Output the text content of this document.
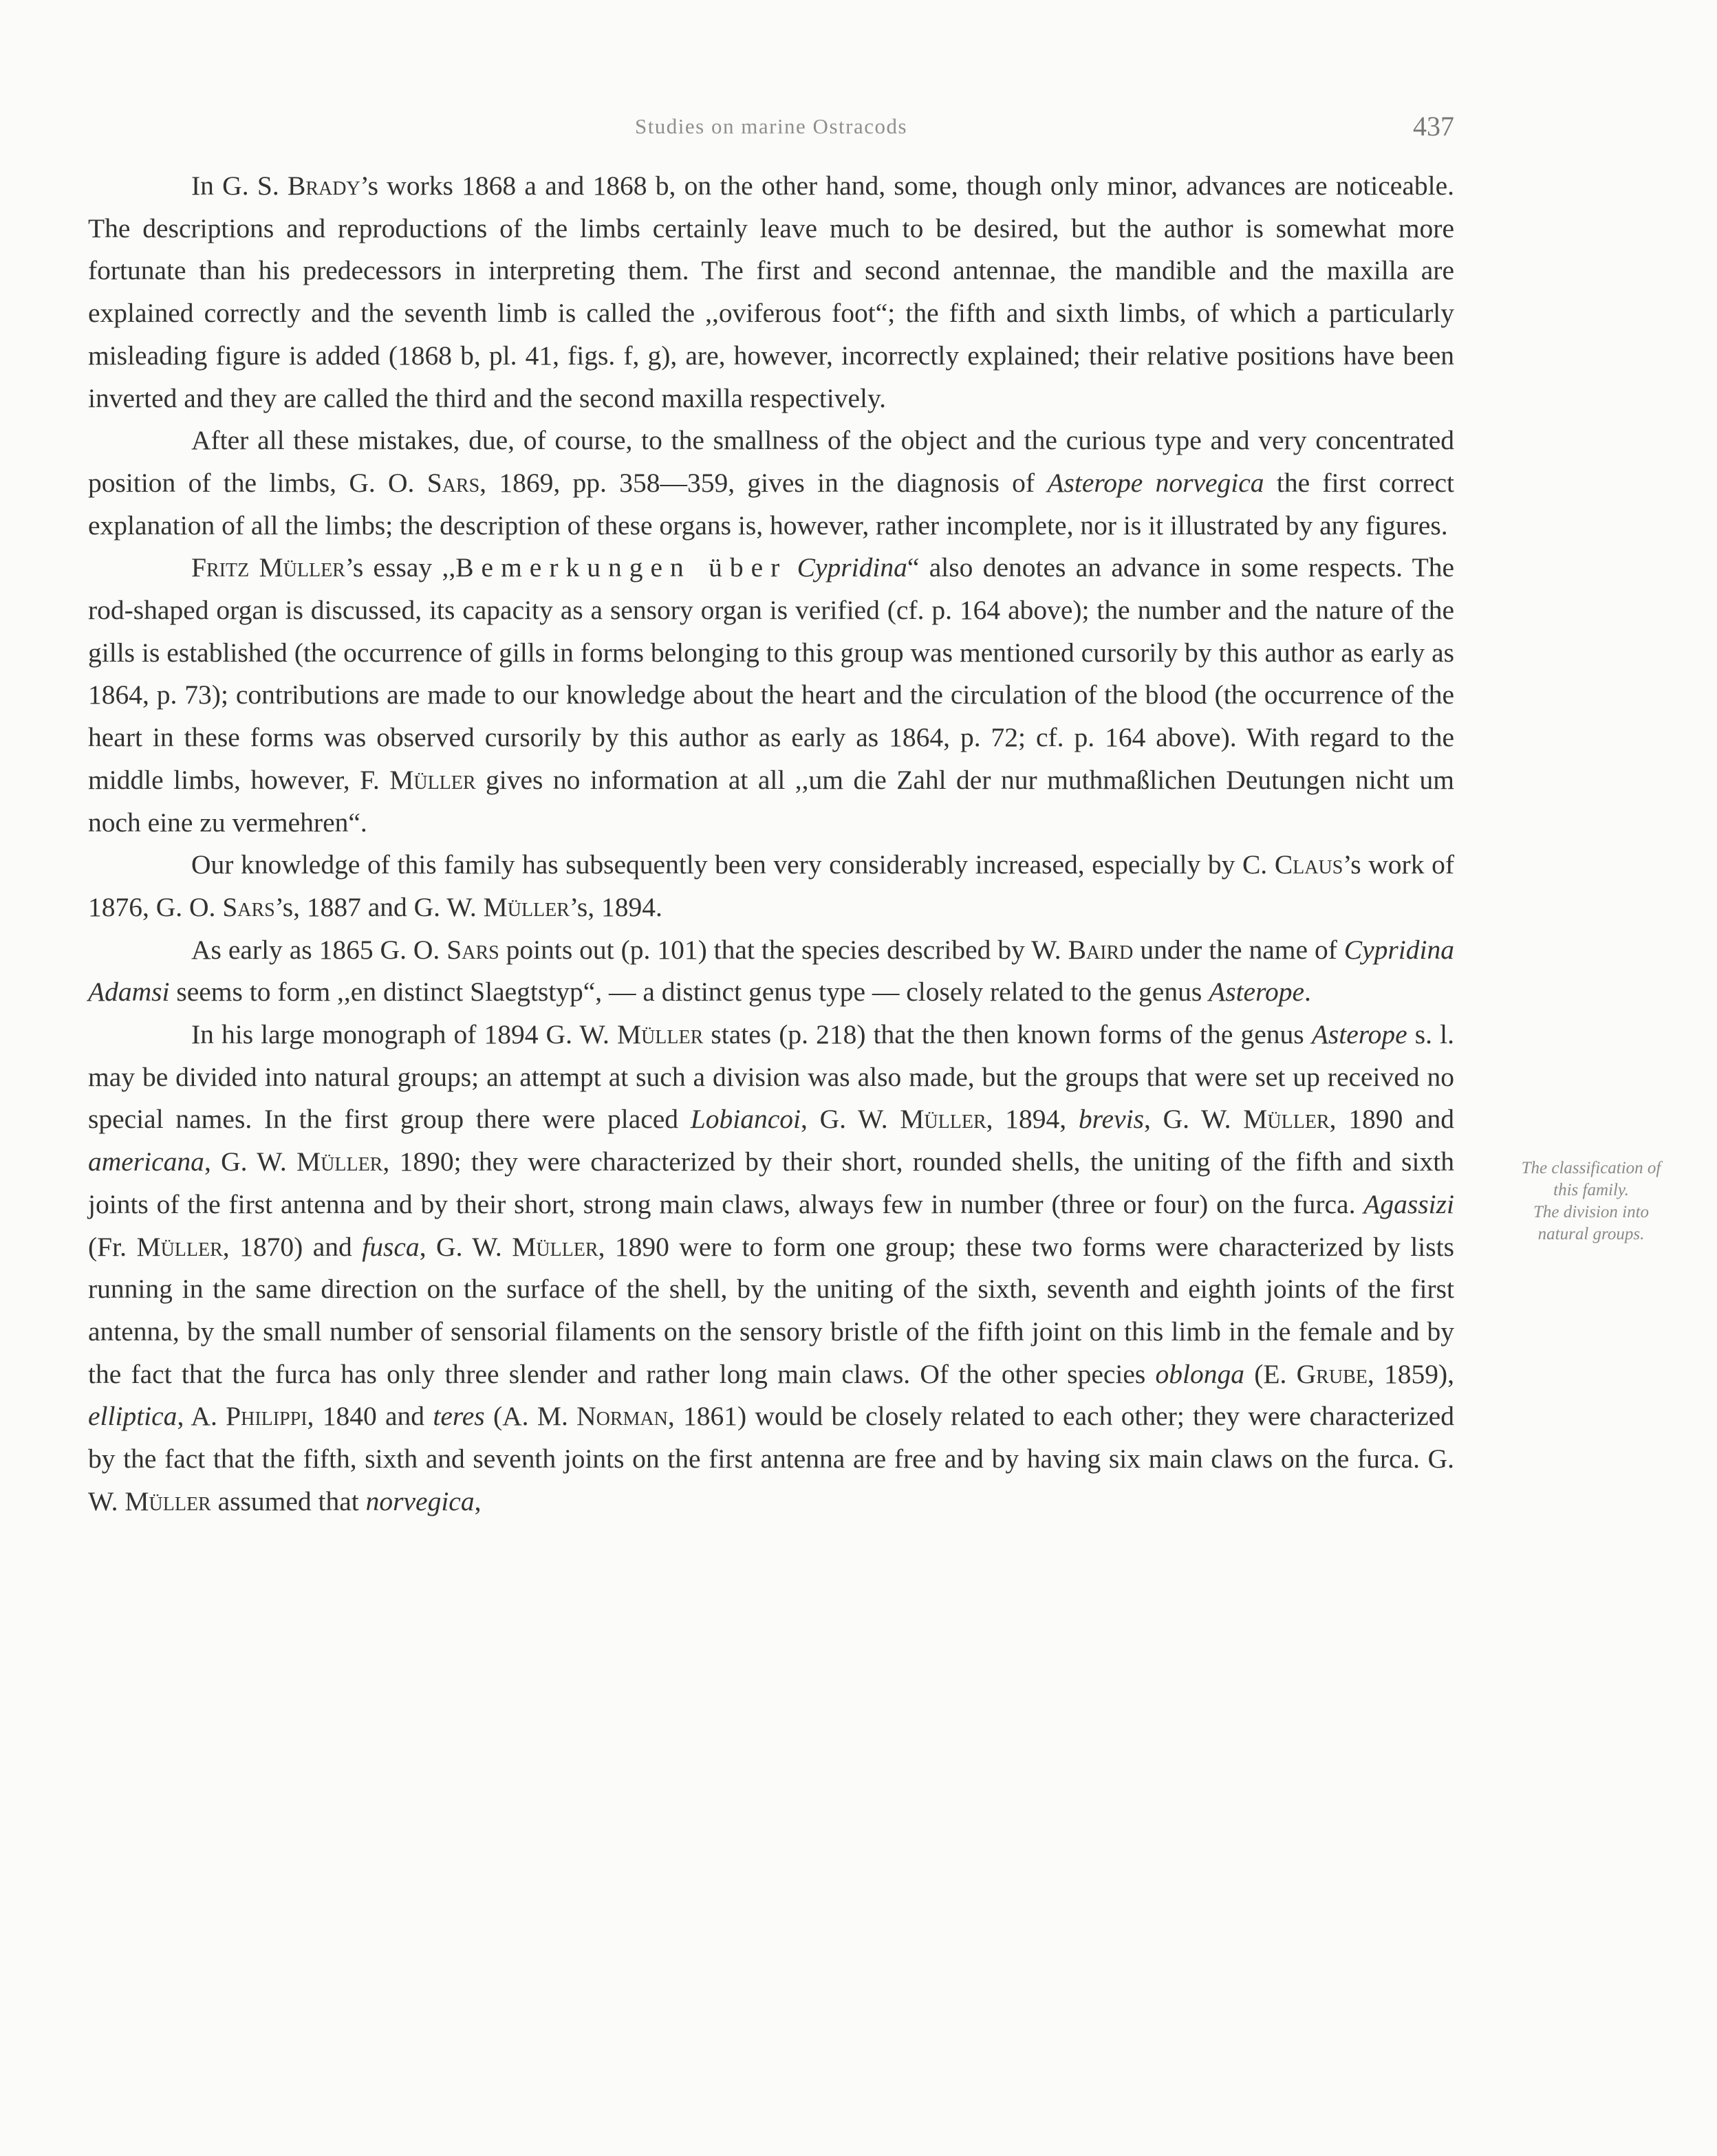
Studies on marine Ostracods	437

In G. S. Brady’s works 1868 a and 1868 b, on the other hand, some, though only minor, advances are noticeable. The descriptions and reproductions of the limbs certainly leave much to be desired, but the author is somewhat more fortunate than his predecessors in interpreting them. The first and second antennae, the mandible and the maxilla are explained correctly and the seventh limb is called the ,,oviferous foot“; the fifth and sixth limbs, of which a particularly misleading figure is added (1868 b, pl. 41, figs. f, g), are, however, incorrectly explained; their relative positions have been inverted and they are called the third and the second maxilla respectively.

After all these mistakes, due, of course, to the smallness of the object and the curious type and very concentrated position of the limbs, G. O. Sars, 1869, pp. 358—359, gives in the diagnosis of Asterope norvegica the first correct explanation of all the limbs; the description of these organs is, however, rather incomplete, nor is it illustrated by any figures.

Fritz Müller’s essay ,,Bemerkungen über Cypridina“ also denotes an advance in some respects. The rod-shaped organ is discussed, its capacity as a sensory organ is verified (cf. p. 164 above); the number and the nature of the gills is established (the occurrence of gills in forms belonging to this group was mentioned cursorily by this author as early as 1864, p. 73); contributions are made to our knowledge about the heart and the circulation of the blood (the occurrence of the heart in these forms was observed cursorily by this author as early as 1864, p. 72; cf. p. 164 above). With regard to the middle limbs, however, F. Müller gives no information at all ,,um die Zahl der nur muthmaßlichen Deutungen nicht um noch eine zu vermehren“.

Our knowledge of this family has subsequently been very considerably increased, especially by C. Claus’s work of 1876, G. O. Sars’s, 1887 and G. W. Müller’s, 1894.

As early as 1865 G. O. Sars points out (p. 101) that the species described by W. Baird under the name of Cypridina Adamsi seems to form ,,en distinct Slaegtstyp“, — a distinct genus type — closely related to the genus Asterope.

In his large monograph of 1894 G. W. Müller states (p. 218) that the then known forms of the genus Asterope s. l. may be divided into natural groups; an attempt at such a division was also made, but the groups that were set up received no special names. In the first group there were placed Lobiancoi, G. W. Müller, 1894, brevis, G. W. Müller, 1890 and americana, G. W. Müller, 1890; they were characterized by their short, rounded shells, the uniting of the fifth and sixth joints of the first antenna and by their short, strong main claws, always few in number (three or four) on the furca. Agassizi (Fr. Müller, 1870) and fusca, G. W. Müller, 1890 were to form one group; these two forms were characterized by lists running in the same direction on the surface of the shell, by the uniting of the sixth, seventh and eighth joints of the first antenna, by the small number of sensorial filaments on the sensory bristle of the fifth joint on this limb in the female and by the fact that the furca has only three slender and rather long main claws. Of the other species oblonga (E. Grube, 1859), elliptica, A. Philippi, 1840 and teres (A. M. Norman, 1861) would be closely related to each other; they were characterized by the fact that the fifth, sixth and seventh joints on the first antenna are free and by having six main claws on the furca. G. W. Müller assumed that norvegica,

The classification of
this family.
The division into
natural groups.
